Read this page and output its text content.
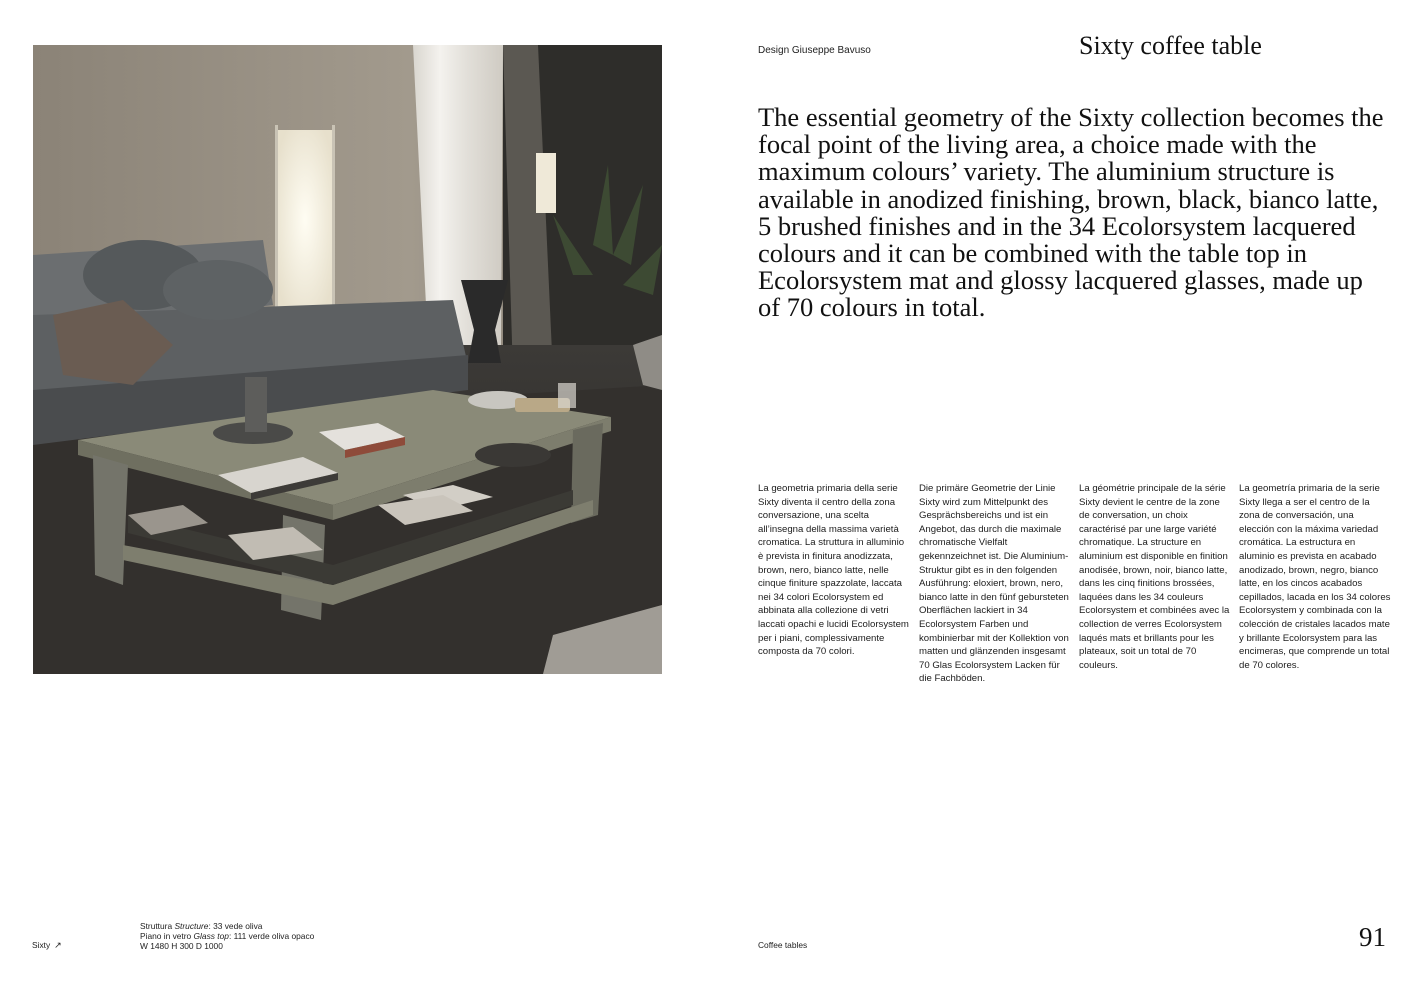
Design Giuseppe Bavuso	Sixty coffee table

The essential geometry of the Sixty collection becomes the focal point of the living area, a choice made with the maximum colours’ variety. The aluminium structure is available in anodized finishing, brown, black, bianco latte, 5 brushed finishes and in the 34 Ecolorsystem lacquered colours and it can be combined with the table top in Ecolorsystem mat and glossy lacquered glasses, made up of 70 colours in total.

La geometria primaria della serie Sixty diventa il centro della zona conversazione, una scelta all’insegna della massima varietà cromatica. La struttura in alluminio è prevista in finitura anodizzata, brown, nero, bianco latte, nelle cinque finiture spazzolate, laccata nei 34 colori Ecolorsystem ed abbinata alla collezione di vetri laccati opachi e lucidi Ecolorsystem per i piani, complessivamente composta da 70 colori.

Die primäre Geometrie der Linie Sixty wird zum Mittelpunkt des Gesprächsbereichs und ist ein Angebot, das durch die maximale chromatische Vielfalt gekennzeichnet ist. Die Aluminium-Struktur gibt es in den folgenden Ausführung: eloxiert, brown, nero, bianco latte in den fünf gebursteten Oberflächen lackiert in 34 Ecolorsystem Farben und kombinierbar mit der Kollektion von matten und glänzenden insgesamt 70 Glas Ecolorsystem Lacken für die Fachböden.

La géométrie principale de la série Sixty devient le centre de la zone de conversation, un choix caractérisé par une large variété chromatique. La structure en aluminium est disponible en finition anodisée, brown, noir, bianco latte, dans les cinq finitions brossées, laquées dans les 34 couleurs Ecolorsystem et combinées avec la collection de verres Ecolorsystem laqués mats et brillants pour les plateaux, soit un total de 70 couleurs.

La geometría primaria de la serie Sixty llega a ser el centro de la zona de conversación, una elección con la máxima variedad cromática. La estructura en aluminio es prevista en acabado anodizado, brown, negro, bianco latte, en los cincos acabados cepillados, lacada en los 34 colores Ecolorsystem y combinada con la colección de cristales lacados mate y brillante Ecolorsystem para las encimeras, que comprende un total de 70 colores.

Struttura Structure: 33 vede oliva
Piano in vetro Glass top: 111 verde oliva opaco
W 1480 H 300 D 1000
Sixty ↗	Coffee tables	91
